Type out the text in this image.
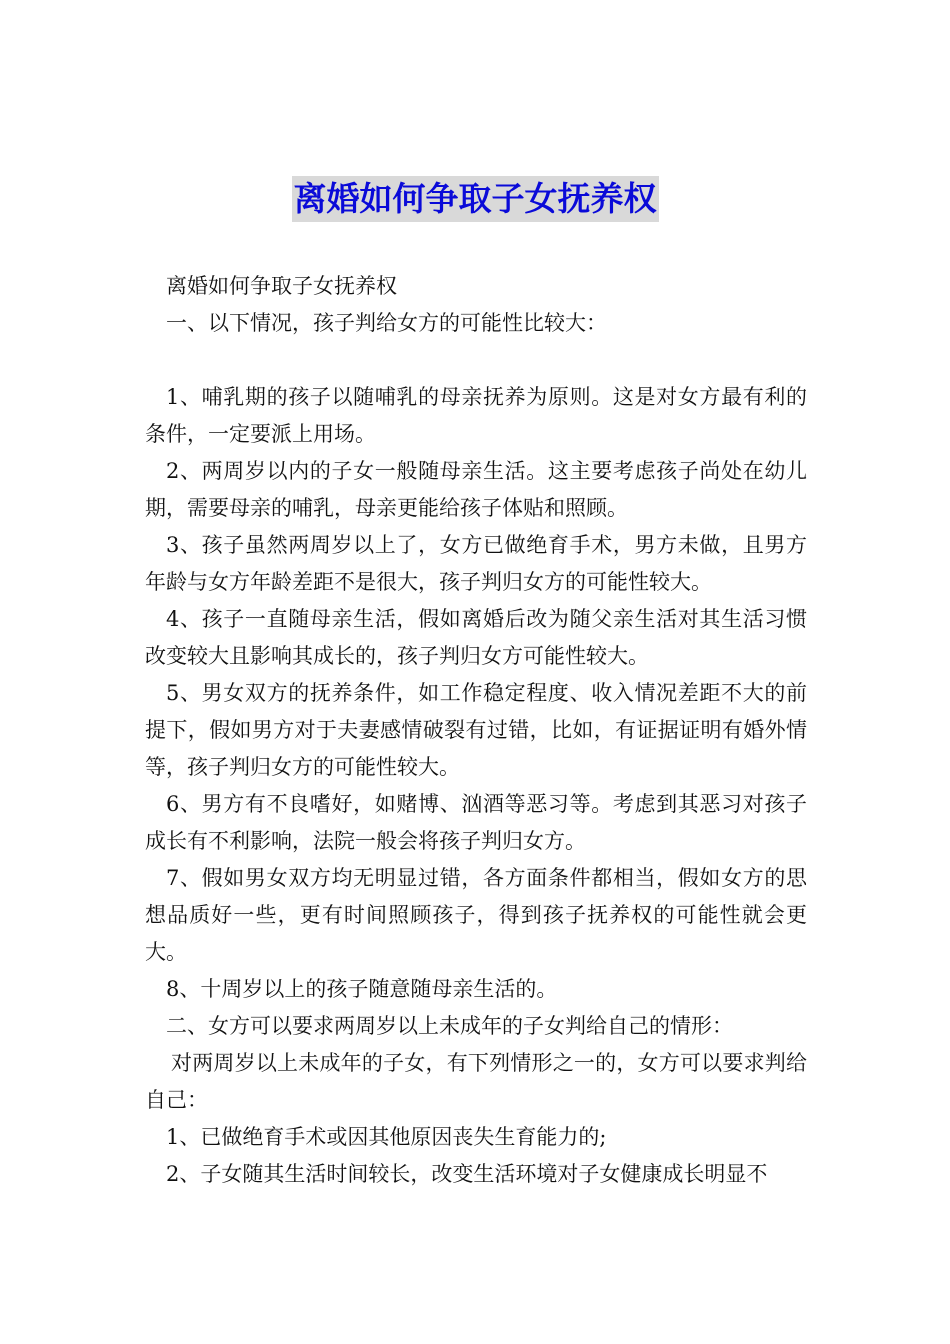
离婚如何争取子女抚养权

离婚如何争取子女抚养权

一、以下情况，孩子判给女方的可能性比较大：

1、哺乳期的孩子以随哺乳的母亲抚养为原则。这是对女方最有利的条件，一定要派上用场。

2、两周岁以内的子女一般随母亲生活。这主要考虑孩子尚处在幼儿期，需要母亲的哺乳，母亲更能给孩子体贴和照顾。

3、孩子虽然两周岁以上了，女方已做绝育手术，男方未做，且男方年龄与女方年龄差距不是很大，孩子判归女方的可能性较大。

4、孩子一直随母亲生活，假如离婚后改为随父亲生活对其生活习惯改变较大且影响其成长的，孩子判归女方可能性较大。

5、男女双方的抚养条件，如工作稳定程度、收入情况差距不大的前提下，假如男方对于夫妻感情破裂有过错，比如，有证据证明有婚外情等，孩子判归女方的可能性较大。

6、男方有不良嗜好，如赌博、汹酒等恶习等。考虑到其恶习对孩子成长有不利影响，法院一般会将孩子判归女方。

7、假如男女双方均无明显过错，各方面条件都相当，假如女方的思想品质好一些，更有时间照顾孩子，得到孩子抚养权的可能性就会更大。

8、十周岁以上的孩子随意随母亲生活的。

二、女方可以要求两周岁以上未成年的子女判给自己的情形：

对两周岁以上未成年的子女，有下列情形之一的，女方可以要求判给自己：

1、已做绝育手术或因其他原因丧失生育能力的;

2、子女随其生活时间较长，改变生活环境对子女健康成长明显不
